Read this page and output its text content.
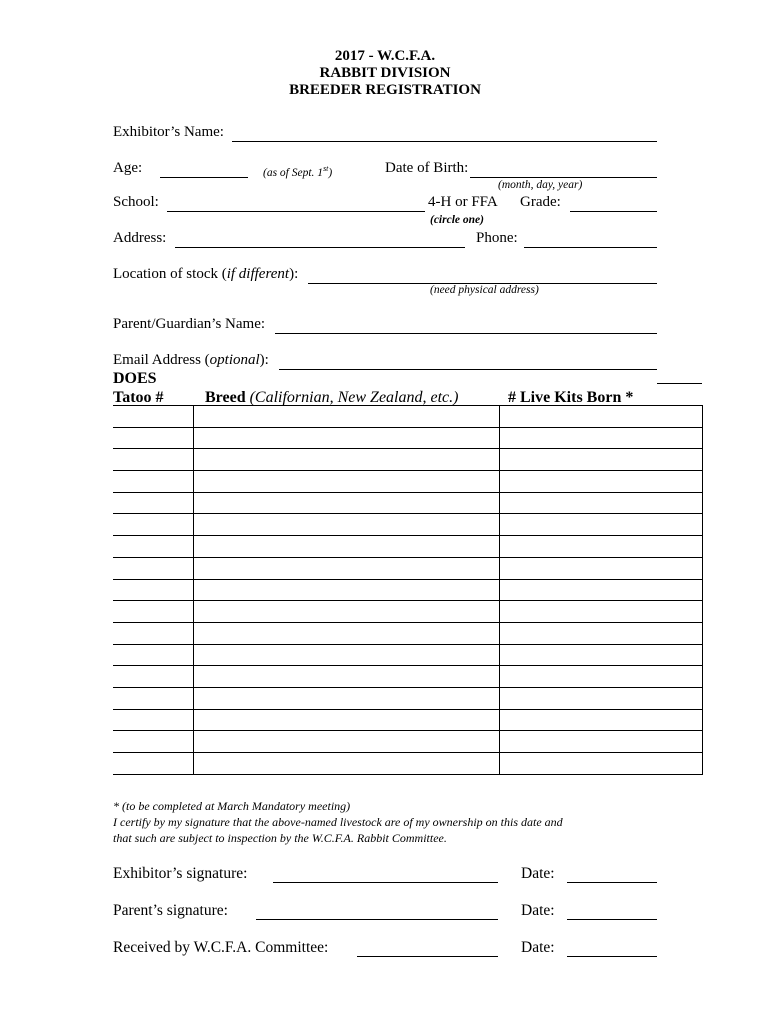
2017 - W.C.F.A.
RABBIT DIVISION
BREEDER REGISTRATION
Exhibitor’s Name:
Age:	(as of Sept. 1st)	Date of Birth:
(month, day, year)
School:	4-H or FFA
(circle one)
Grade:
Address:	Phone:
Location of stock (if different):
(need physical address)
Parent/Guardian’s Name:
Email Address (optional):
DOES
Tatoo #	Breed (Californian, New Zealand, etc.)	# Live Kits Born *

* (to be completed at March Mandatory meeting)
I certify by my signature that the above-named livestock are of my ownership on this date and
that such are subject to inspection by the W.C.F.A. Rabbit Committee.
Exhibitor’s signature:	Date:
Parent’s signature:	Date:
Received by W.C.F.A. Committee:	Date:
